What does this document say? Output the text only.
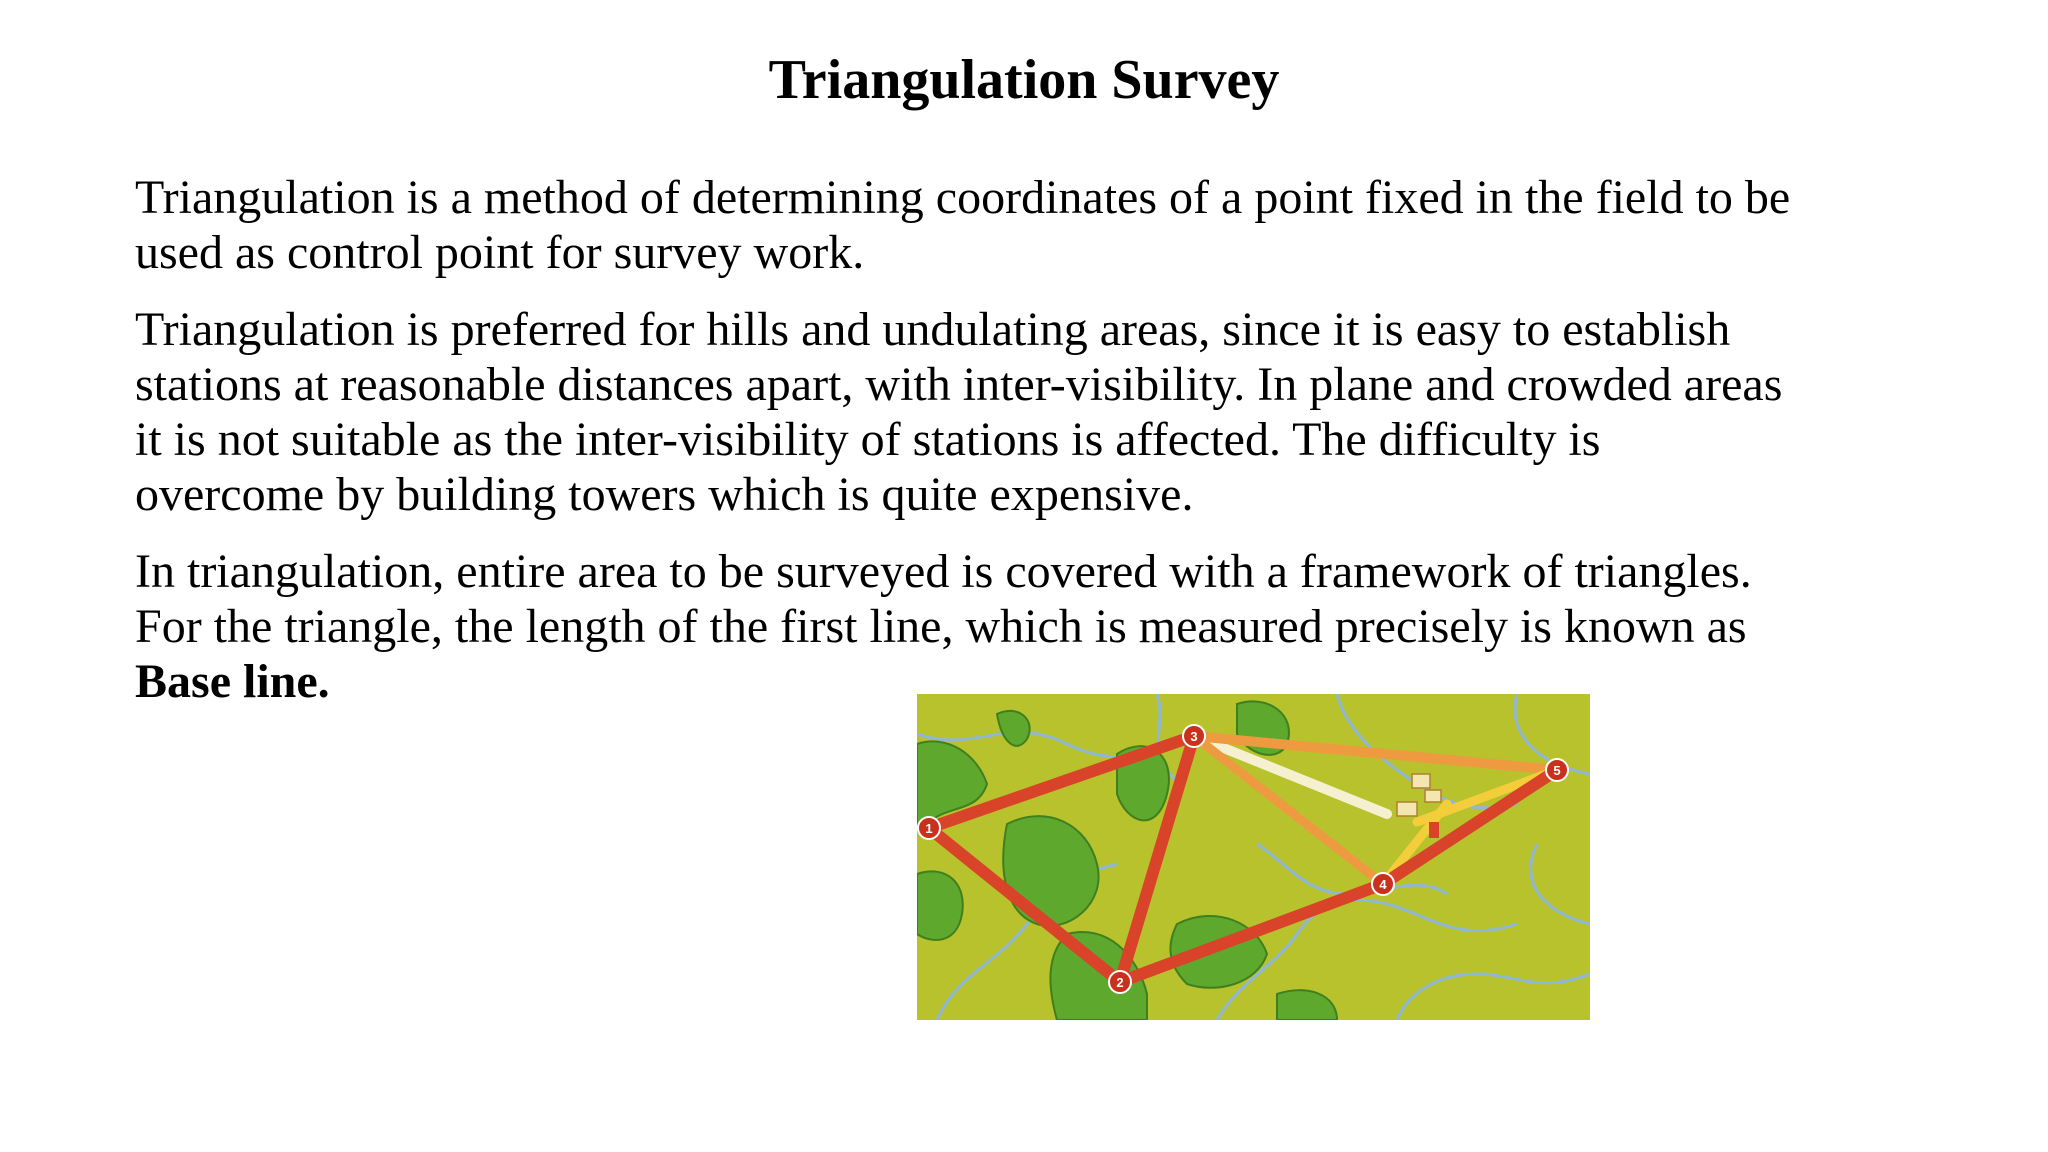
Triangulation Survey

Triangulation is a method of determining coordinates of a point fixed in the field to be used as control point for survey work.

Triangulation is preferred for hills and undulating areas, since it is easy to establish stations at reasonable distances apart, with inter-visibility. In plane and crowded areas it is not suitable as the inter-visibility of stations is affected. The difficulty is overcome by building towers which is quite expensive.

In triangulation, entire area to be surveyed is covered with a framework of triangles. For the triangle, the length of the first line, which is measured precisely is known as Base line.

1
2
3
4
5
